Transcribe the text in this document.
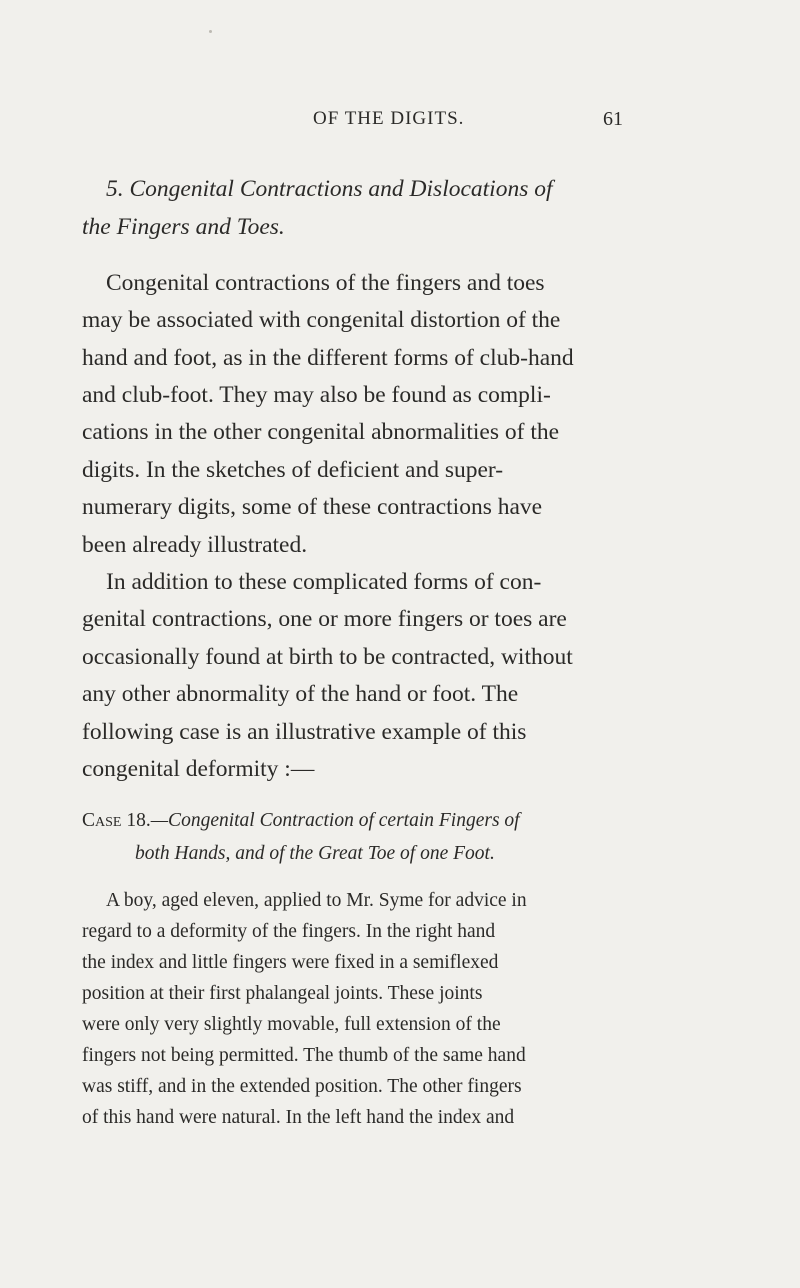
OF THE DIGITS.	61
5. Congenital Contractions and Dislocations of
the Fingers and Toes.
Congenital contractions of the fingers and toes
may be associated with congenital distortion of the
hand and foot, as in the different forms of club-hand
and club-foot. They may also be found as compli-
cations in the other congenital abnormalities of the
digits. In the sketches of deficient and super-
numerary digits, some of these contractions have
been already illustrated.
In addition to these complicated forms of con-
genital contractions, one or more fingers or toes are
occasionally found at birth to be contracted, without
any other abnormality of the hand or foot. The
following case is an illustrative example of this
congenital deformity :—
Case 18.—Congenital Contraction of certain Fingers of
both Hands, and of the Great Toe of one Foot.
A boy, aged eleven, applied to Mr. Syme for advice in
regard to a deformity of the fingers. In the right hand
the index and little fingers were fixed in a semiflexed
position at their first phalangeal joints. These joints
were only very slightly movable, full extension of the
fingers not being permitted. The thumb of the same hand
was stiff, and in the extended position. The other fingers
of this hand were natural. In the left hand the index and
